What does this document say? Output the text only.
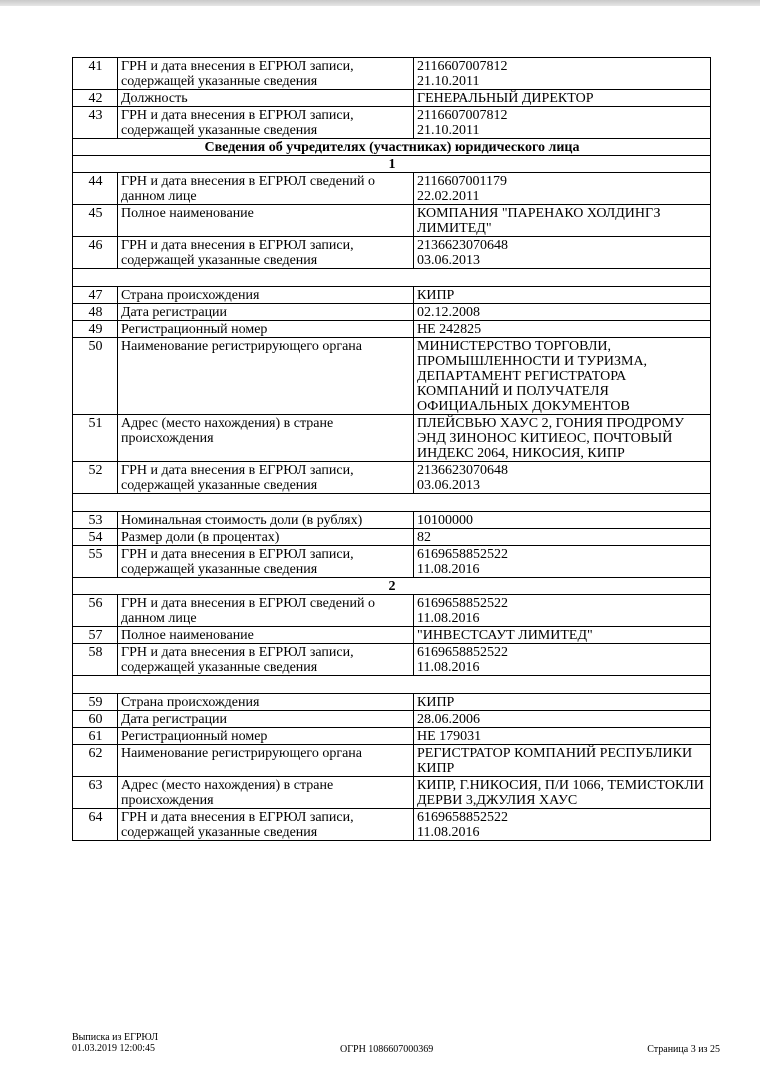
41	ГРН и дата внесения в ЕГРЮЛ записи, содержащей указанные сведения	2116607007812
21.10.2011

42	Должность	ГЕНЕРАЛЬНЫЙ ДИРЕКТОР
43	ГРН и дата внесения в ЕГРЮЛ записи, содержащей указанные сведения	2116607007812
21.10.2011

Сведения об учредителях (участниках) юридического лица		
1		
44	ГРН и дата внесения в ЕГРЮЛ сведений о данном лице	2116607001179
22.02.2011

45	Полное наименование	КОМПАНИЯ "ПАРЕНАКО ХОЛДИНГЗ ЛИМИТЕД"
46	ГРН и дата внесения в ЕГРЮЛ записи, содержащей указанные сведения	2136623070648
03.06.2013

47	Страна происхождения	КИПР
48	Дата регистрации	02.12.2008
49	Регистрационный номер	HE 242825
50	Наименование регистрирующего органа	МИНИСТЕРСТВО ТОРГОВЛИ, ПРОМЫШЛЕННОСТИ И ТУРИЗМА, ДЕПАРТАМЕНТ РЕГИСТРАТОРА КОМПАНИЙ И ПОЛУЧАТЕЛЯ ОФИЦИАЛЬНЫХ ДОКУМЕНТОВ
51	Адрес (место нахождения) в стране происхождения	ПЛЕЙСВЬЮ ХАУС 2, ГОНИЯ ПРОДРОМУ ЭНД ЗИНОНОС КИТИЕОС, ПОЧТОВЫЙ ИНДЕКС 2064, НИКОСИЯ, КИПР
52	ГРН и дата внесения в ЕГРЮЛ записи, содержащей указанные сведения	2136623070648
03.06.2013

53	Номинальная стоимость доли (в рублях)	10100000
54	Размер доли (в процентах)	82
55	ГРН и дата внесения в ЕГРЮЛ записи, содержащей указанные сведения	6169658852522
11.08.2016

2		
56	ГРН и дата внесения в ЕГРЮЛ сведений о данном лице	6169658852522
11.08.2016

57	Полное наименование	"ИНВЕСТСАУТ ЛИМИТЕД"
58	ГРН и дата внесения в ЕГРЮЛ записи, содержащей указанные сведения	6169658852522
11.08.2016

59	Страна происхождения	КИПР
60	Дата регистрации	28.06.2006
61	Регистрационный номер	HE 179031
62	Наименование регистрирующего органа	РЕГИСТРАТОР КОМПАНИЙ РЕСПУБЛИКИ КИПР
63	Адрес (место нахождения) в стране происхождения	КИПР, Г.НИКОСИЯ, П/И 1066, ТЕМИСТОКЛИ ДЕРВИ 3,ДЖУЛИЯ ХАУС
64	ГРН и дата внесения в ЕГРЮЛ записи, содержащей указанные сведения	6169658852522
11.08.2016
Выписка из ЕГРЮЛ
01.03.2019 12:00:45	ОГРН 1086607000369	Страница 3 из 25
